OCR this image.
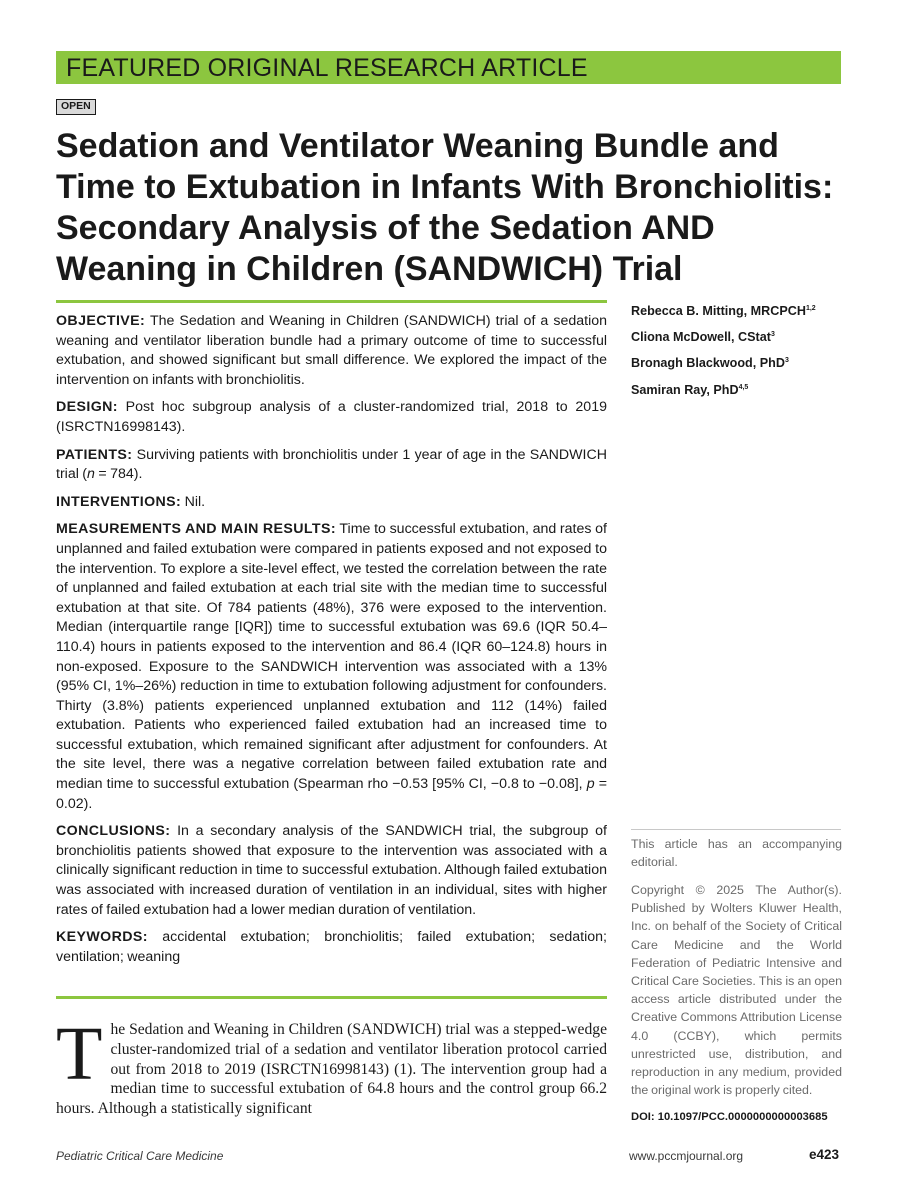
FEATURED ORIGINAL RESEARCH ARTICLE
OPEN
Sedation and Ventilator Weaning Bundle and Time to Extubation in Infants With Bronchiolitis: Secondary Analysis of the Sedation AND Weaning in Children (SANDWICH) Trial

OBJECTIVE: The Sedation and Weaning in Children (SANDWICH) trial of a sedation weaning and ventilator liberation bundle had a primary outcome of time to successful extubation, and showed significant but small difference. We explored the impact of the intervention on infants with bronchiolitis.

DESIGN: Post hoc subgroup analysis of a cluster-randomized trial, 2018 to 2019 (ISRCTN16998143).

PATIENTS: Surviving patients with bronchiolitis under 1 year of age in the SANDWICH trial (n = 784).

INTERVENTIONS: Nil.

MEASUREMENTS AND MAIN RESULTS: Time to successful extubation, and rates of unplanned and failed extubation were compared in patients exposed and not exposed to the intervention. To explore a site-level effect, we tested the correlation between the rate of unplanned and failed extubation at each trial site with the median time to successful extubation at that site. Of 784 patients (48%), 376 were exposed to the intervention. Median (interquartile range [IQR]) time to successful extubation was 69.6 (IQR 50.4–110.4) hours in patients exposed to the intervention and 86.4 (IQR 60–124.8) hours in non-exposed. Exposure to the SANDWICH intervention was associated with a 13% (95% CI, 1%–26%) reduction in time to extubation following adjustment for confounders. Thirty (3.8%) patients experienced unplanned extubation and 112 (14%) failed extubation. Patients who experienced failed extubation had an increased time to successful extubation, which remained significant after adjustment for confounders. At the site level, there was a negative correlation between failed extubation rate and median time to successful extubation (Spearman rho −0.53 [95% CI, −0.8 to −0.08], p = 0.02).

CONCLUSIONS: In a secondary analysis of the SANDWICH trial, the subgroup of bronchiolitis patients showed that exposure to the intervention was associated with a clinically significant reduction in time to successful extubation. Although failed extubation was associated with increased duration of ventilation in an individual, sites with higher rates of failed extubation had a lower median duration of ventilation.

KEYWORDS: accidental extubation; bronchiolitis; failed extubation; sedation; ventilation; weaning

Rebecca B. Mitting, MRCPCH$^{1,2}$
Cliona McDowell, CStat$^3$
Bronagh Blackwood, PhD$^3$
Samiran Ray, PhD$^{4,5}$

This article has an accompanying editorial.

Copyright © 2025 The Author(s). Published by Wolters Kluwer Health, Inc. on behalf of the Society of Critical Care Medicine and the World Federation of Pediatric Intensive and Critical Care Societies. This is an open access article distributed under the Creative Commons Attribution License 4.0 (CCBY), which permits unrestricted use, distribution, and reproduction in any medium, provided the original work is properly cited.

DOI: 10.1097/PCC.0000000000003685

The Sedation and Weaning in Children (SANDWICH) trial was a stepped-wedge cluster-randomized trial of a sedation and ventilator liberation protocol carried out from 2018 to 2019 (ISRCTN16998143) (1). The intervention group had a median time to successful extubation of 64.8 hours and the control group 66.2 hours. Although a statistically significant

Pediatric Critical Care Medicine	www.pccmjournal.org	e423
